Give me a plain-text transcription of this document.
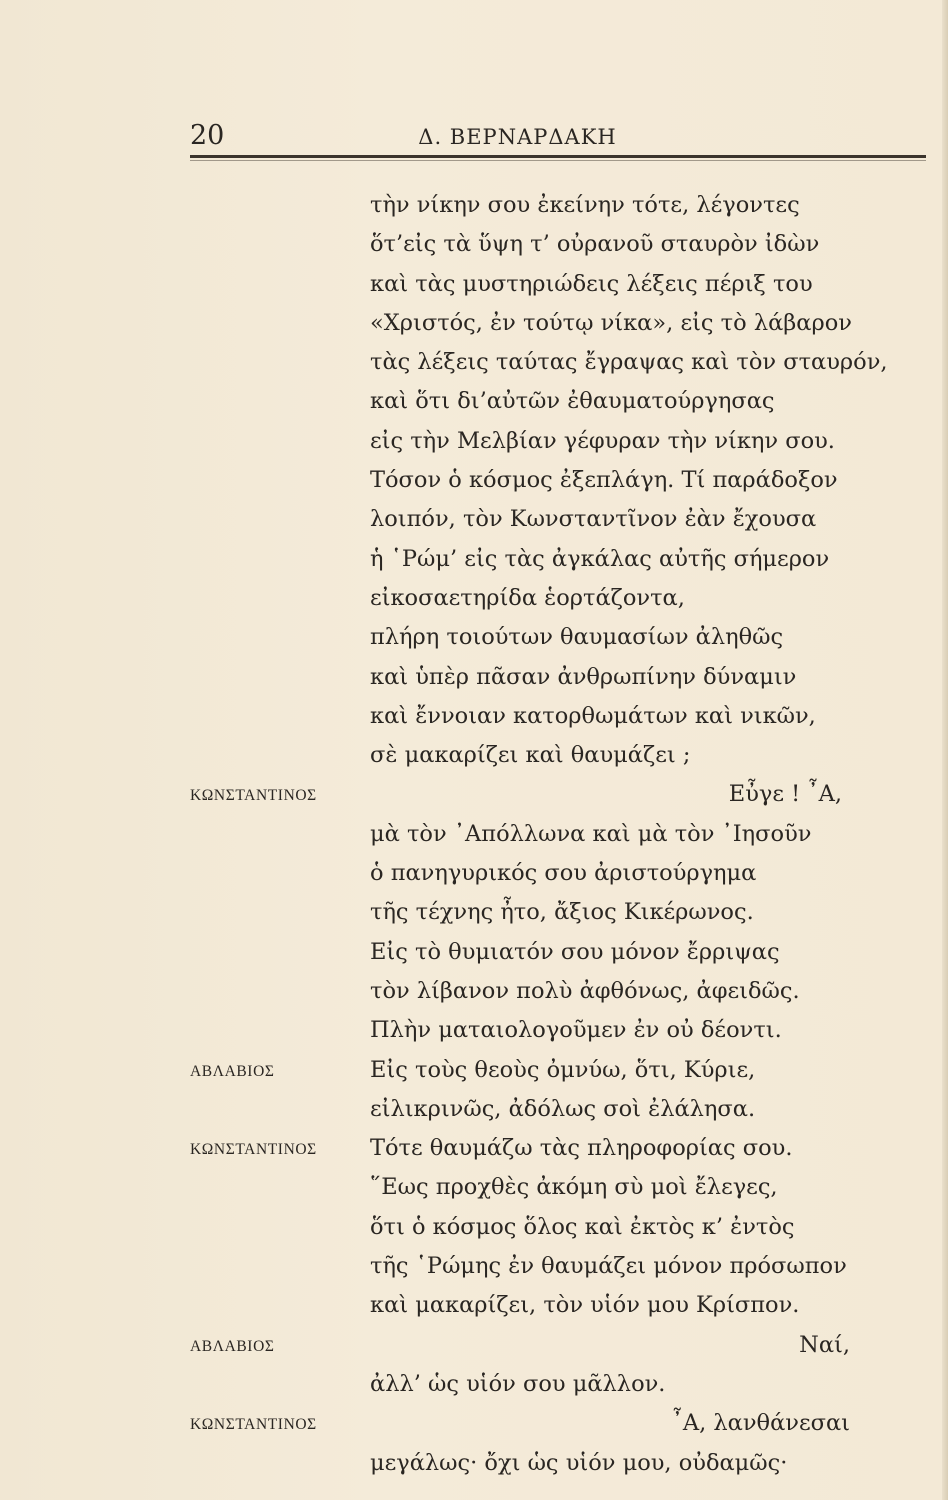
20	Δ. ΒΕΡΝΑΡΔΑΚΗ
τὴν νίκην σου ἐκείνην τότε, λέγοντες
ὅτ’εἰς τὰ ὕψη τ’ οὐρανοῦ σταυρὸν ἰδὼν
καὶ τὰς μυστηριώδεις λέξεις πέριξ του
«Χριστός, ἐν τούτῳ νίκα», εἰς τὸ λάβαρον
τὰς λέξεις ταύτας ἔγραψας καὶ τὸν σταυρόν,
καὶ ὅτι δι’αὐτῶν ἐθαυματούργησας
εἰς τὴν Μελβίαν γέφυραν τὴν νίκην σου.
Τόσον ὁ κόσμος ἐξεπλάγη. Τί παράδοξον
λοιπόν, τὸν Κωνσταντῖνον ἐὰν ἔχουσα
ἡ ῾Ρώμ’ εἰς τὰς ἀγκάλας αὐτῆς σήμερον
εἰκοσαετηρίδα ἑορτάζοντα,
πλήρη τοιούτων θαυμασίων ἀληθῶς
καὶ ὑπὲρ πᾶσαν ἀνθρωπίνην δύναμιν
καὶ ἔννοιαν κατορθωμάτων καὶ νικῶν,
σὲ μακαρίζει καὶ θαυμάζει ;
ΚΩΝΣΤΑΝΤΙΝΟΣ	Εὖγε ! ῏Α,
μὰ τὸν ᾿Απόλλωνα καὶ μὰ τὸν ᾿Ιησοῦν
ὁ πανηγυρικός σου ἀριστούργημα
τῆς τέχνης ἦτο, ἄξιος Κικέρωνος.
Εἰς τὸ θυμιατόν σου μόνον ἔρριψας
τὸν λίβανον πολὺ ἀφθόνως, ἀφειδῶς.
Πλὴν ματαιολογοῦμεν ἐν οὐ δέοντι.
ΑΒΛΑΒΙΟΣ	Εἰς τοὺς θεοὺς ὀμνύω, ὅτι, Κύριε,
εἰλικρινῶς, ἀδόλως σοὶ ἐλάλησα.
ΚΩΝΣΤΑΝΤΙΝΟΣ Τότε θαυμάζω τὰς πληροφορίας σου.
῞Εως προχθὲς ἀκόμη σὺ μοὶ ἔλεγες,
ὅτι ὁ κόσμος ὅλος καὶ ἐκτὸς κ’ ἐντὸς
τῆς ῾Ρώμης ἐν θαυμάζει μόνον πρόσωπον
καὶ μακαρίζει, τὸν υἱόν μου Κρίσπον.
ΑΒΛΑΒΙΟΣ	Ναί,
ἀλλ’ ὡς υἱόν σου μᾶλλον.
ΚΩΝΣΤΑΝΤΙΝΟΣ	῏Α, λανθάνεσαι
μεγάλως· ὄχι ὡς υἱόν μου, οὐδαμῶς·
